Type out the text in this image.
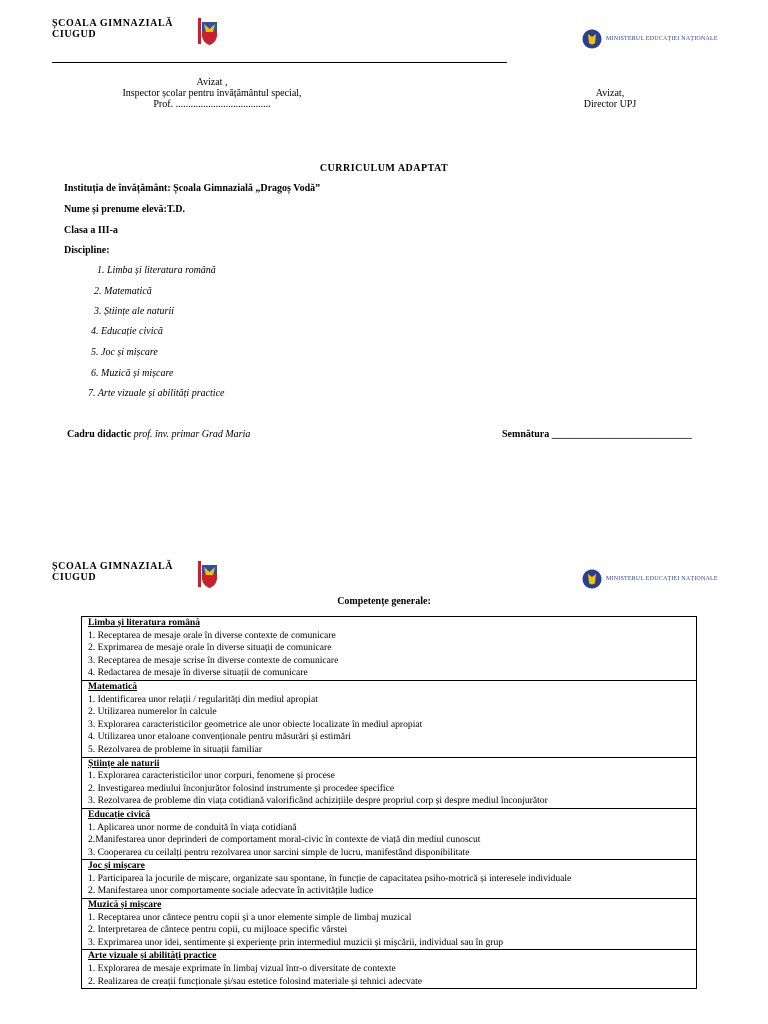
ȘCOALA GIMNAZIALĂ
CIUGUD	MINISTERUL EDUCAȚIEI NAȚIONALE
Avizat ,
Inspector școlar pentru învățământul special,
Prof. ......................................
Avizat,
Director UPJ
CURRICULUM ADAPTAT
Instituția de învățământ: Școala Gimnazială „Dragoș Vodă”
Nume și prenume elevă:T.D.
Clasa a III-a
Discipline:
1. Limba și literatura română
2. Matematică
3. Științe ale naturii
4. Educație civică
5. Joc și mișcare
6. Muzică și mișcare
7. Arte vizuale și abilități practice
Cadru didactic prof. înv. primar Grad Maria	Semnătura ____________________________
ȘCOALA GIMNAZIALĂ
CIUGUD	MINISTERUL EDUCAȚIEI NAȚIONALE
Competențe generale:
Limba și literatura română
1. Receptarea de mesaje orale în diverse contexte de comunicare
2. Exprimarea de mesaje orale în diverse situații de comunicare
3. Receptarea de mesaje scrise în diverse contexte de comunicare
4. Redactarea de mesaje în diverse situații de comunicare

Matematică
1. Identificarea unor relații / regularități din mediul apropiat
2. Utilizarea numerelor în calcule
3. Explorarea caracteristicilor geometrice ale unor obiecte localizate în mediul apropiat
4. Utilizarea unor etaloane convenționale pentru măsurări și estimări
5. Rezolvarea de probleme în situații familiar

Științe ale naturii
1. Explorarea caracteristicilor unor corpuri, fenomene și procese
2. Investigarea mediului înconjurător folosind instrumente și procedee specifice
3. Rezolvarea de probleme din viața cotidiană valorificând achizițiile despre propriul corp și despre mediul înconjurător

Educație civică
1. Aplicarea unor norme de conduită în viața cotidiană
2.Manifestarea unor deprinderi de comportament moral-civic în contexte de viață din mediul cunoscut
3. Cooperarea cu ceilalți pentru rezolvarea unor sarcini simple de lucru, manifestând disponibilitate

Joc și mișcare
1. Participarea la jocurile de mișcare, organizate sau spontane, în funcție de capacitatea psiho-motrică și interesele individuale
2. Manifestarea unor comportamente sociale adecvate în activitățile ludice

Muzică și mișcare
1. Receptarea unor cântece pentru copii și a unor elemente simple de limbaj muzical
2. Interpretarea de cântece pentru copii, cu mijloace specific vârstei
3. Exprimarea unor idei, sentimente și experiențe prin intermediul muzicii și mișcării, individual sau în grup

Arte vizuale și abilități practice
1. Explorarea de mesaje exprimate în limbaj vizual într-o diversitate de contexte
2. Realizarea de creații funcționale și/sau estetice folosind materiale și tehnici adecvate
